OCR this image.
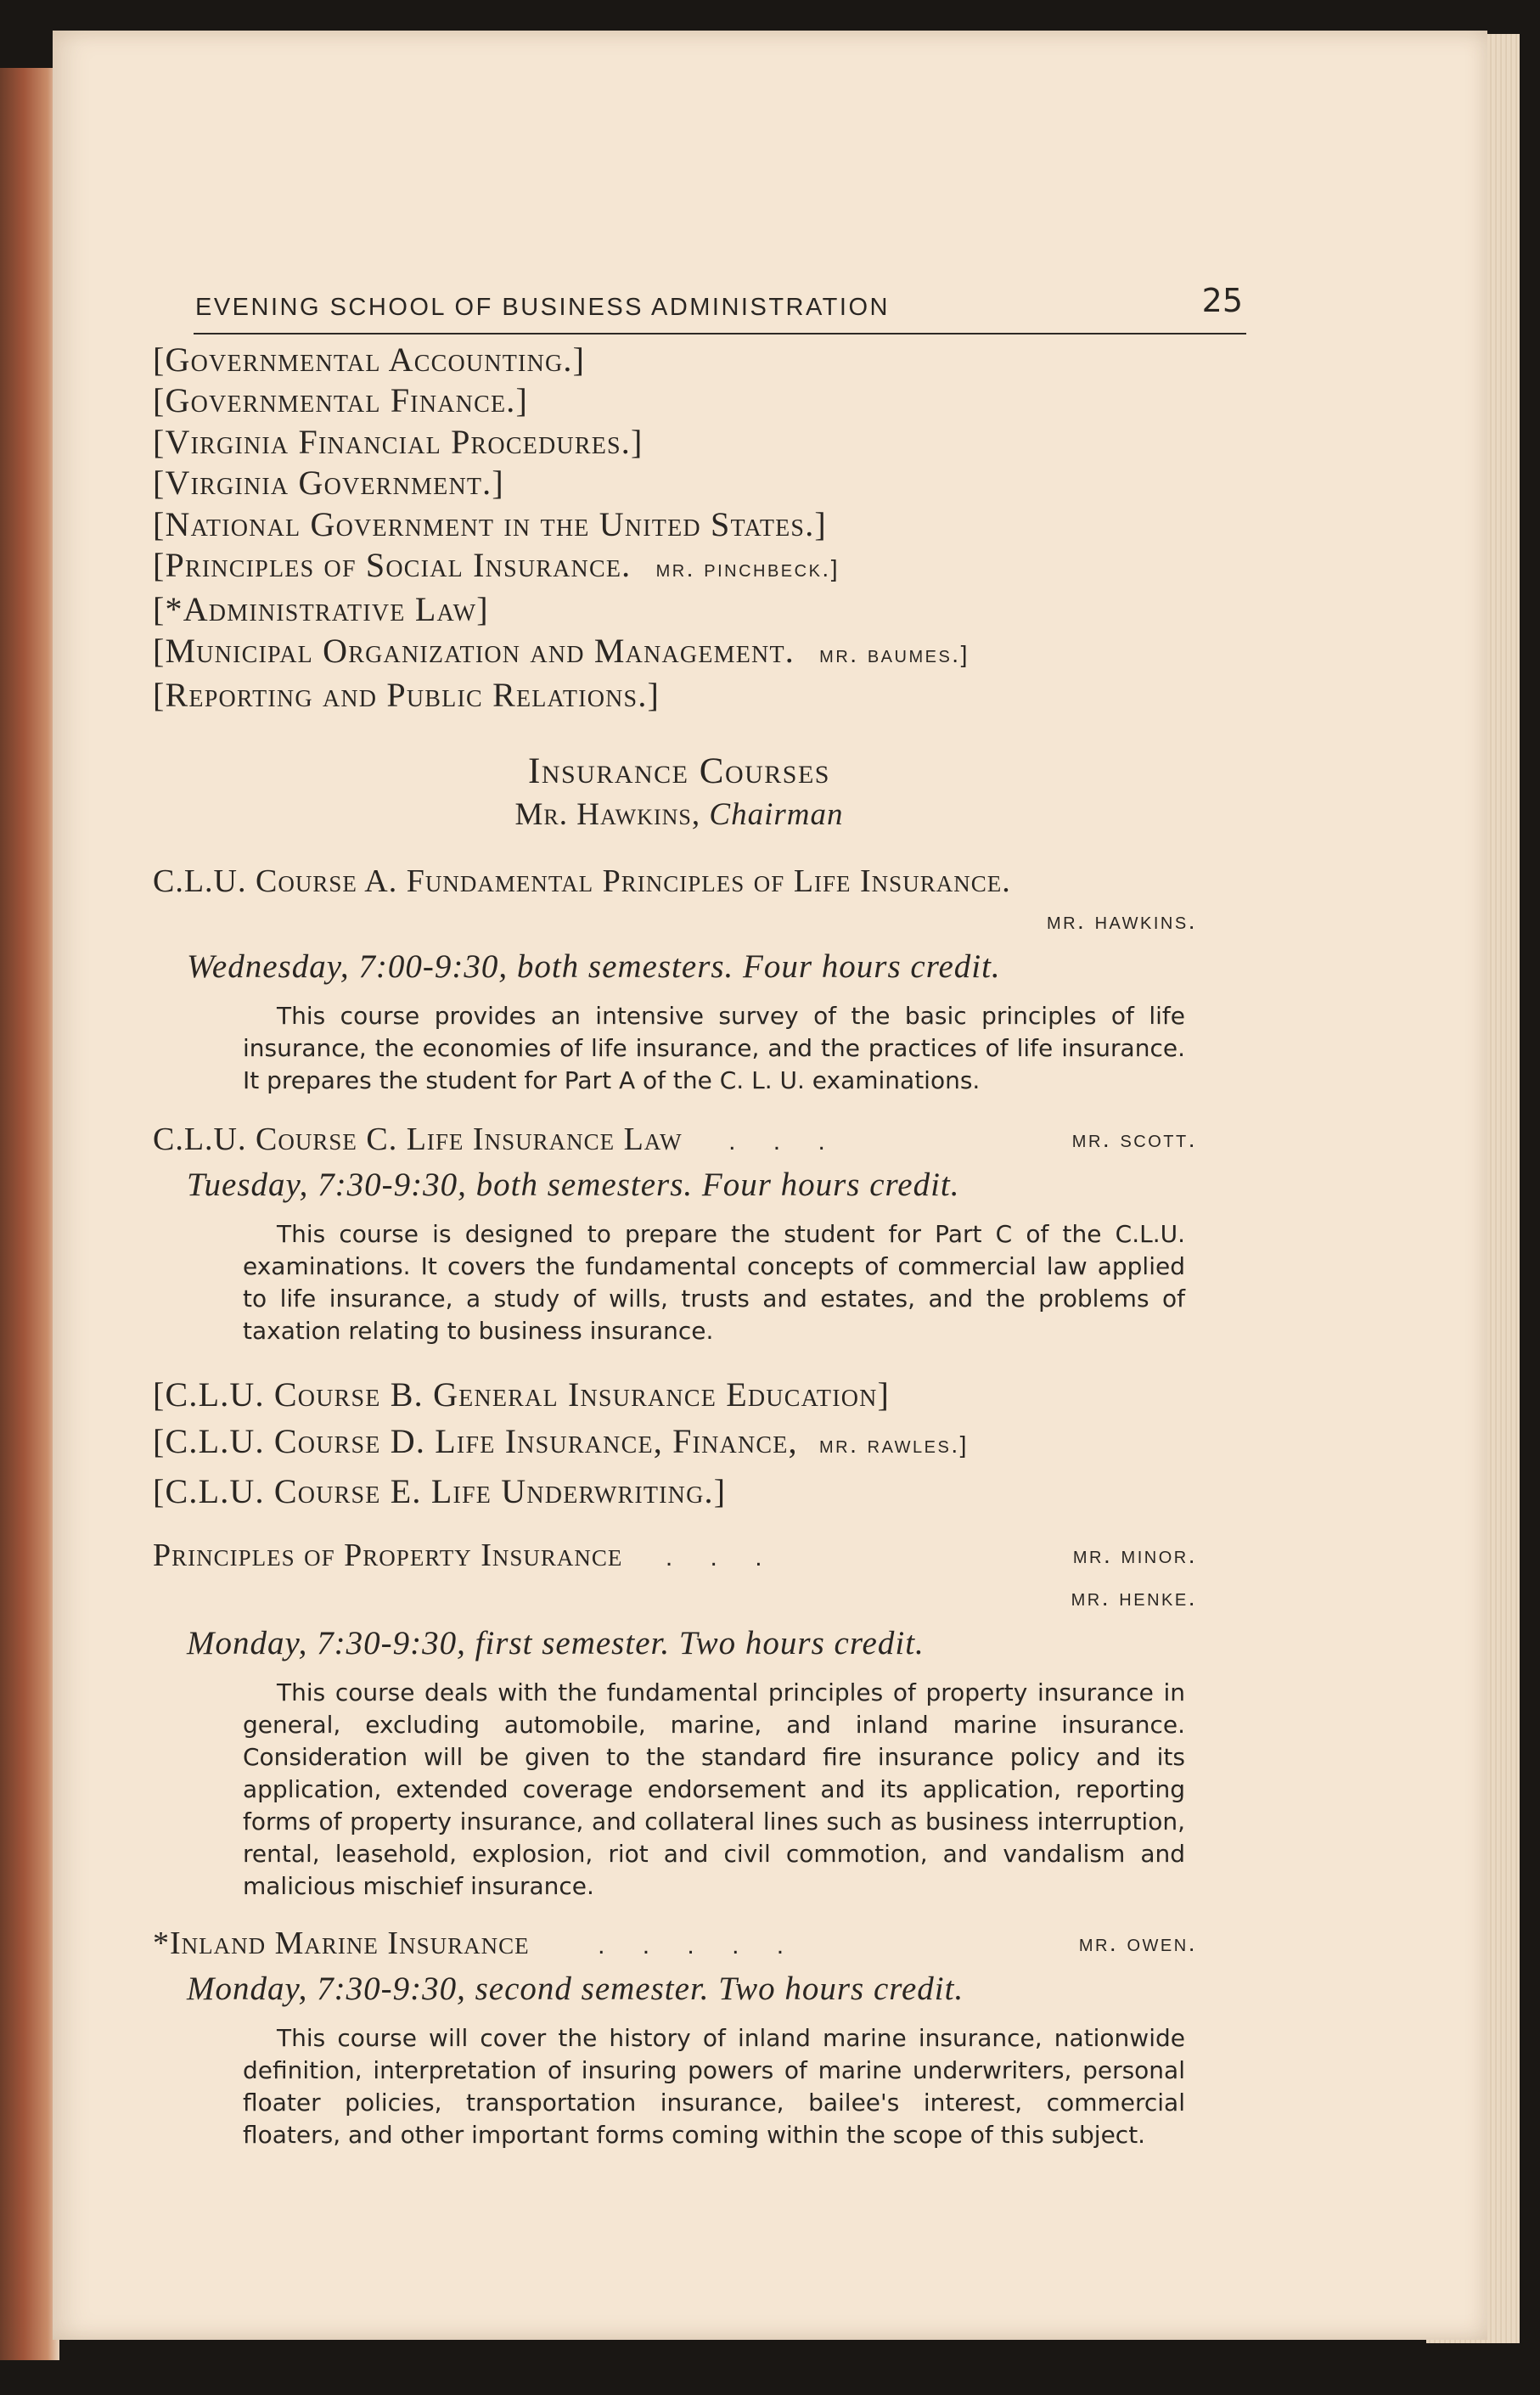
EVENING SCHOOL OF BUSINESS ADMINISTRATION	25

[Governmental Accounting.]

[Governmental Finance.]

[Virginia Financial Procedures.]

[Virginia Government.]

[National Government in the United States.]

[Principles of Social Insurance. mr. pinchbeck.]

[*Administrative Law]

[Municipal Organization and Management. mr. baumes.]

[Reporting and Public Relations.]

Insurance Courses

Mr. Hawkins, Chairman

C.L.U. Course A. Fundamental Principles of Life Insurance.
mr. hawkins.

Wednesday, 7:00-9:30, both semesters. Four hours credit.

This course provides an intensive survey of the basic principles of life insurance, the economies of life insurance, and the practices of life insurance. It prepares the student for Part A of the C. L. U. examinations.

C.L.U. Course C. Life Insurance Law . . .	mr. scott.

Tuesday, 7:30-9:30, both semesters. Four hours credit.

This course is designed to prepare the student for Part C of the C.L.U. examinations. It covers the fundamental concepts of commercial law applied to life insurance, a study of wills, trusts and estates, and the problems of taxation relating to business insurance.

[C.L.U. Course B. General Insurance Education]

[C.L.U. Course D. Life Insurance, Finance, mr. rawles.]

[C.L.U. Course E. Life Underwriting.]

Principles of Property Insurance . . .	mr. minor.
mr. henke.

Monday, 7:30-9:30, first semester. Two hours credit.

This course deals with the fundamental principles of property insurance in general, excluding automobile, marine, and inland marine insurance. Consideration will be given to the standard fire insurance policy and its application, extended coverage endorsement and its application, reporting forms of property insurance, and collateral lines such as business interruption, rental, leasehold, explosion, riot and civil commotion, and vandalism and malicious mischief insurance.

*Inland Marine Insurance	. . . . .	mr. owen.

Monday, 7:30-9:30, second semester. Two hours credit.

This course will cover the history of inland marine insurance, nationwide definition, interpretation of insuring powers of marine underwriters, personal floater policies, transportation insurance, bailee's interest, commercial floaters, and other important forms coming within the scope of this subject.
